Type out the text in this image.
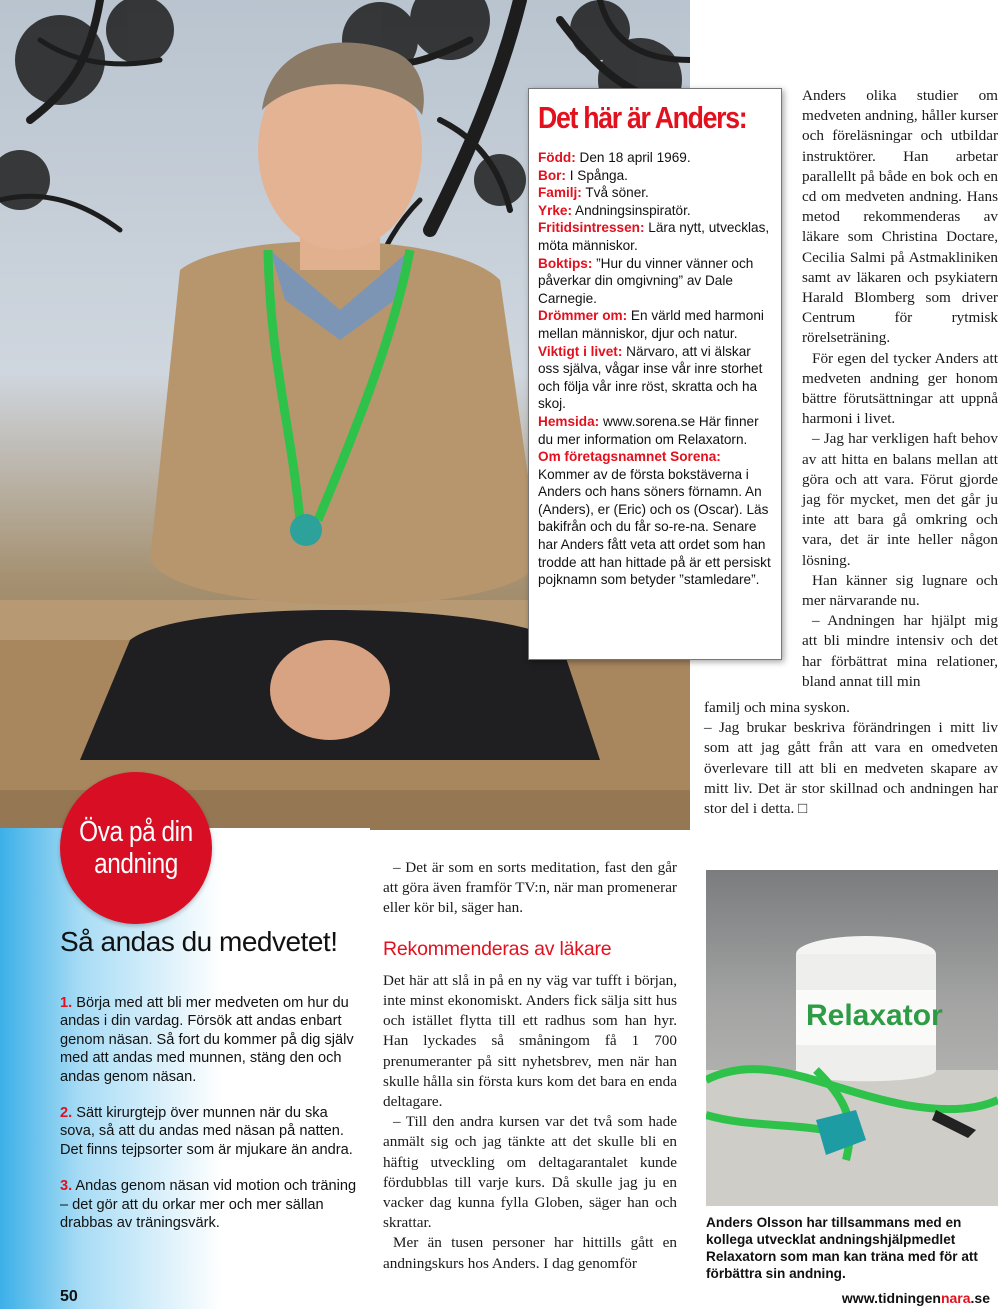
Det här är Anders:

Född: Den 18 april 1969.

Bor: I Spånga.

Familj: Två söner.

Yrke: Andningsinspiratör.

Fritidsintressen: Lära nytt, utvecklas, möta människor.

Boktips: ”Hur du vinner vänner och påverkar din omgivning” av Dale Carnegie.

Drömmer om: En värld med harmoni mellan människor, djur och natur.

Viktigt i livet: Närvaro, att vi älskar oss själva, vågar inse vår inre storhet och följa vår inre röst, skratta och ha skoj.

Hemsida: www.sorena.se Här finner du mer information om Relaxatorn.

Om företagsnamnet Sorena: Kommer av de första bokstäverna i Anders och hans söners förnamn. An (Anders), er (Eric) och os (Oscar). Läs bakifrån och du får so-re-na. Senare har Anders fått veta att ordet som han trodde att han hittade på är ett persiskt pojknamn som betyder ”stamledare”.

Anders olika studier om medveten andning, håller kurser och föreläsningar och utbildar instruktörer. Han arbetar parallellt på både en bok och en cd om medveten andning. Hans metod rekommenderas av läkare som Christina Doctare, Cecilia Salmi på Astmakliniken samt av läkaren och psykiatern Harald Blomberg som driver Centrum för rytmisk rörelseträning.

För egen del tycker Anders att medveten andning ger honom bättre förutsättningar att uppnå harmoni i livet.

– Jag har verkligen haft behov av att hitta en balans mellan att göra och att vara. Förut gjorde jag för mycket, men det går ju inte att bara gå omkring och vara, det är inte heller någon lösning.

Han känner sig lugnare och mer närvarande nu.

– Andningen har hjälpt mig att bli mindre intensiv och det har förbättrat mina relationer, bland annat till min

familj och mina syskon.

– Jag brukar beskriva förändringen i mitt liv som att jag gått från att vara en omedveten överlevare till att bli en medveten skapare av mitt liv. Det är stor skillnad och andningen har stor del i detta. □

Öva på din andning
Så andas du medvetet!

1. Börja med att bli mer medveten om hur du andas i din vardag. Försök att andas enbart genom näsan. Så fort du kommer på dig själv med att andas med munnen, stäng den och andas genom näsan.

2. Sätt kirurgtejp över munnen när du ska sova, så att du andas med näsan på natten. Det finns tejpsorter som är mjukare än andra.

3. Andas genom näsan vid motion och träning – det gör att du orkar mer och mer sällan drabbas av träningsvärk.

– Det är som en sorts meditation, fast den går att göra även framför TV:n, när man promenerar eller kör bil, säger han.

Rekommenderas av läkare

Det här att slå in på en ny väg var tufft i början, inte minst ekonomiskt. Anders fick sälja sitt hus och istället flytta till ett radhus som han hyr. Han lyckades så småningom få 1 700 prenumeranter på sitt nyhetsbrev, men när han skulle hålla sin första kurs kom det bara en enda deltagare.

– Till den andra kursen var det två som hade anmält sig och jag tänkte att det skulle bli en häftig utveckling om deltagarantalet kunde fördubblas till varje kurs. Då skulle jag ju en vacker dag kunna fylla Globen, säger han och skrattar.

Mer än tusen personer har hittills gått en andningskurs hos Anders. I dag genomför

Relaxator
Anders Olsson har tillsammans med en kollega utvecklat andningshjälpmedlet Relaxatorn som man kan träna med för att förbättra sin andning.
50	www.tidningennara.se
